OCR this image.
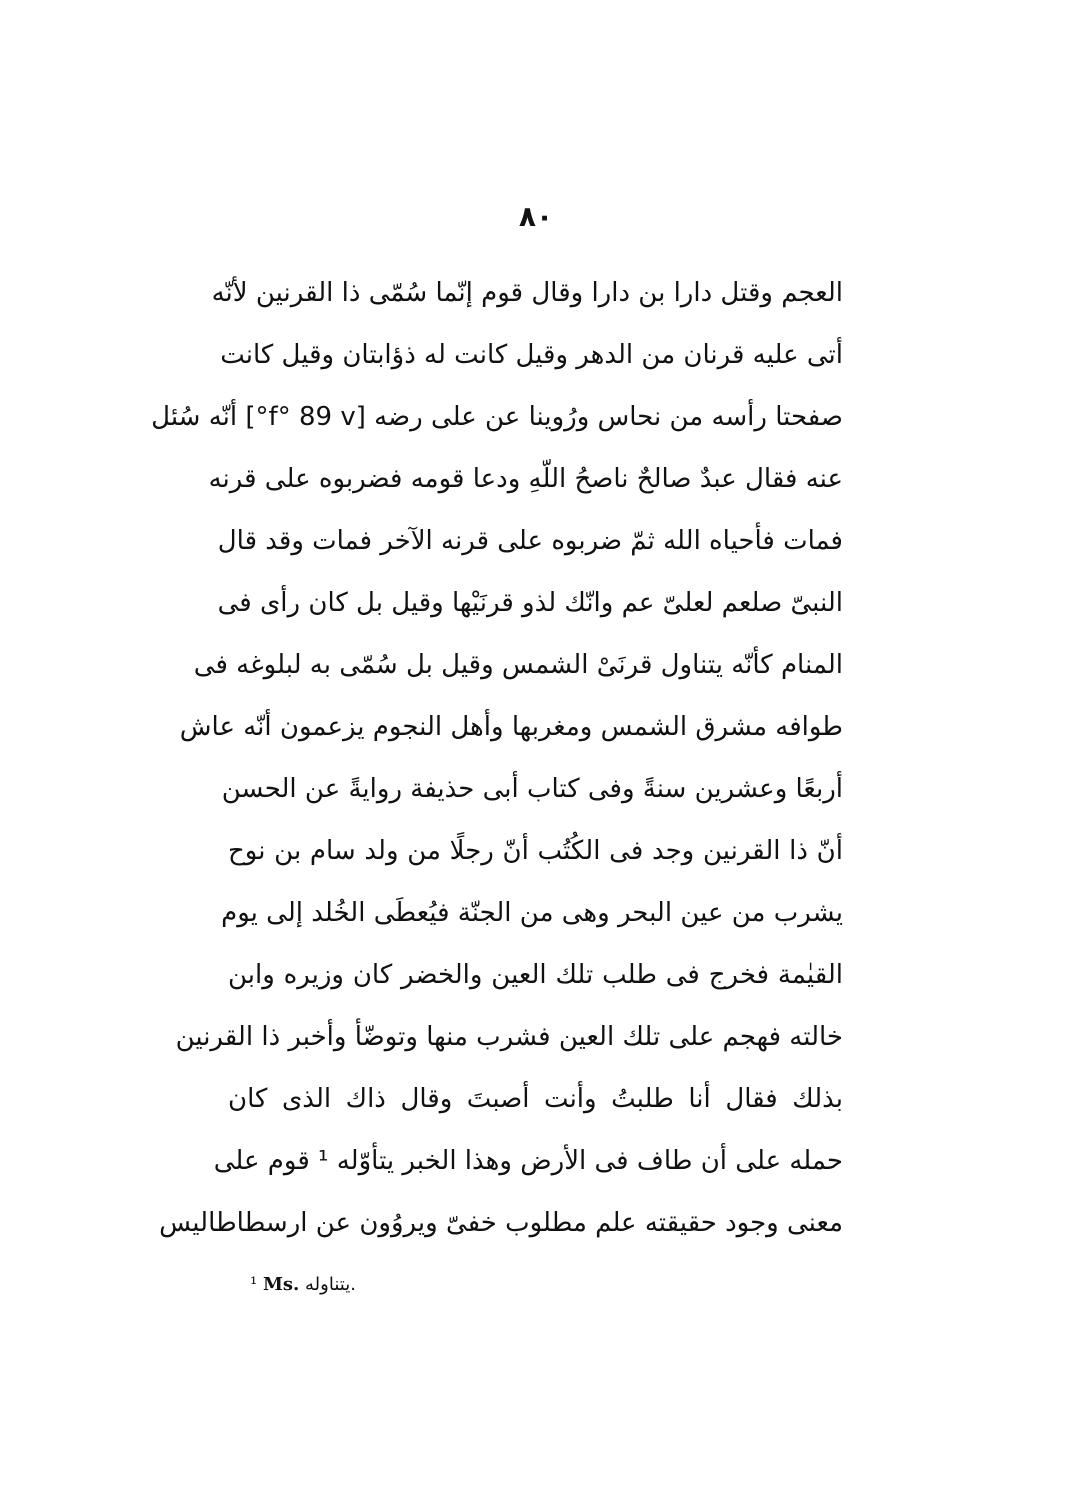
٨٠
العجم وقتل دارا بن دارا وقال قوم إنّما سُمّى ذا القرنين لأنّه
أتى عليه قرنان من الدهر وقيل كانت له ذؤابتان وقيل كانت
صفحتا رأسه من نحاس ورُوينا عن على رضه [f° 89 v°] أنّه سُئل
عنه فقال عبدٌ صالحٌ ناصحُ اللّهِ ودعا قومه فضربوه على قرنه
فمات فأحياه الله ثمّ ضربوه على قرنه الآخر فمات وقد قال
النبىّ صلعم لعلىّ عم وانّك لذو قرنَيْها وقيل بل كان رأى فى
المنام كأنّه يتناول قرنَىْ الشمس وقيل بل سُمّى به لبلوغه فى
طوافه مشرق الشمس ومغربها وأهل النجوم يزعمون أنّه عاش
أربعًا وعشرين سنةً وفى كتاب أبى حذيفة روايةً عن الحسن
أنّ ذا القرنين وجد فى الكُتُب أنّ رجلًا من ولد سام بن نوح
يشرب من عين البحر وهى من الجنّة فيُعطَى الخُلد إلى يوم
القيٰمة فخرج فى طلب تلك العين والخضر كان وزيره وابن
خالته فهجم على تلك العين فشرب منها وتوضّأ وأخبر ذا القرنين
بذلك فقال أنا طلبتُ وأنت أصبتَ وقال ذاك الذى كان
حمله على أن طاف فى الأرض وهذا الخبر يتأوّله ¹ قوم على
معنى وجود حقيقته علم مطلوب خفىّ ويروُون عن ارسطاطاليس
¹ Ms. يتناوله.
